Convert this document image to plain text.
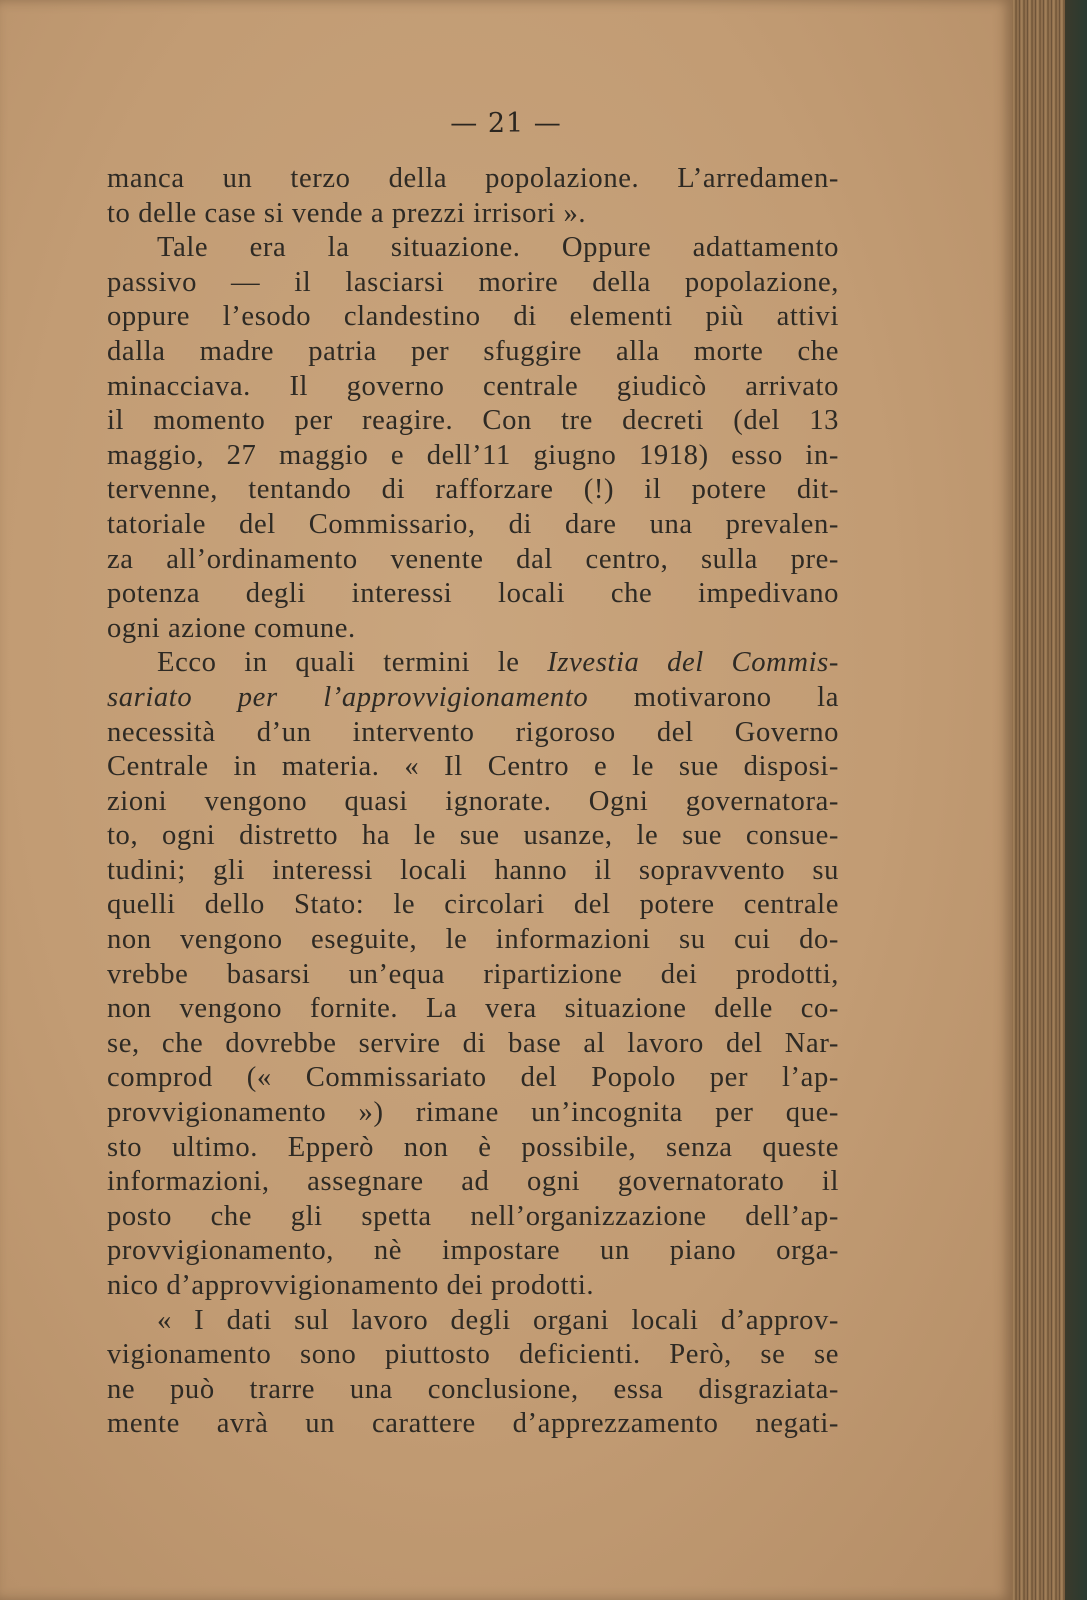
— 21 —
manca un terzo della popolazione. L’arredamen-
to delle case si vende a prezzi irrisori ».
Tale era la situazione. Oppure adattamento
passivo — il lasciarsi morire della popolazione,
oppure l’esodo clandestino di elementi più attivi
dalla madre patria per sfuggire alla morte che
minacciava. Il governo centrale giudicò arrivato
il momento per reagire. Con tre decreti (del 13
maggio, 27 maggio e dell’11 giugno 1918) esso in-
tervenne, tentando di rafforzare (!) il potere dit-
tatoriale del Commissario, di dare una prevalen-
za all’ordinamento venente dal centro, sulla pre-
potenza degli interessi locali che impedivano
ogni azione comune.
Ecco in quali termini le Izvestia del Commis-
sariato per l’approvvigionamento motivarono la
necessità d’un intervento rigoroso del Governo
Centrale in materia. « Il Centro e le sue disposi-
zioni vengono quasi ignorate. Ogni governatora-
to, ogni distretto ha le sue usanze, le sue consue-
tudini; gli interessi locali hanno il sopravvento su
quelli dello Stato: le circolari del potere centrale
non vengono eseguite, le informazioni su cui do-
vrebbe basarsi un’equa ripartizione dei prodotti,
non vengono fornite. La vera situazione delle co-
se, che dovrebbe servire di base al lavoro del Nar-
comprod (« Commissariato del Popolo per l’ap-
provvigionamento ») rimane un’incognita per que-
sto ultimo. Epperò non è possibile, senza queste
informazioni, assegnare ad ogni governatorato il
posto che gli spetta nell’organizzazione dell’ap-
provvigionamento, nè impostare un piano orga-
nico d’approvvigionamento dei prodotti.
« I dati sul lavoro degli organi locali d’approv-
vigionamento sono piuttosto deficienti. Però, se se
ne può trarre una conclusione, essa disgraziata-
mente avrà un carattere d’apprezzamento negati-
